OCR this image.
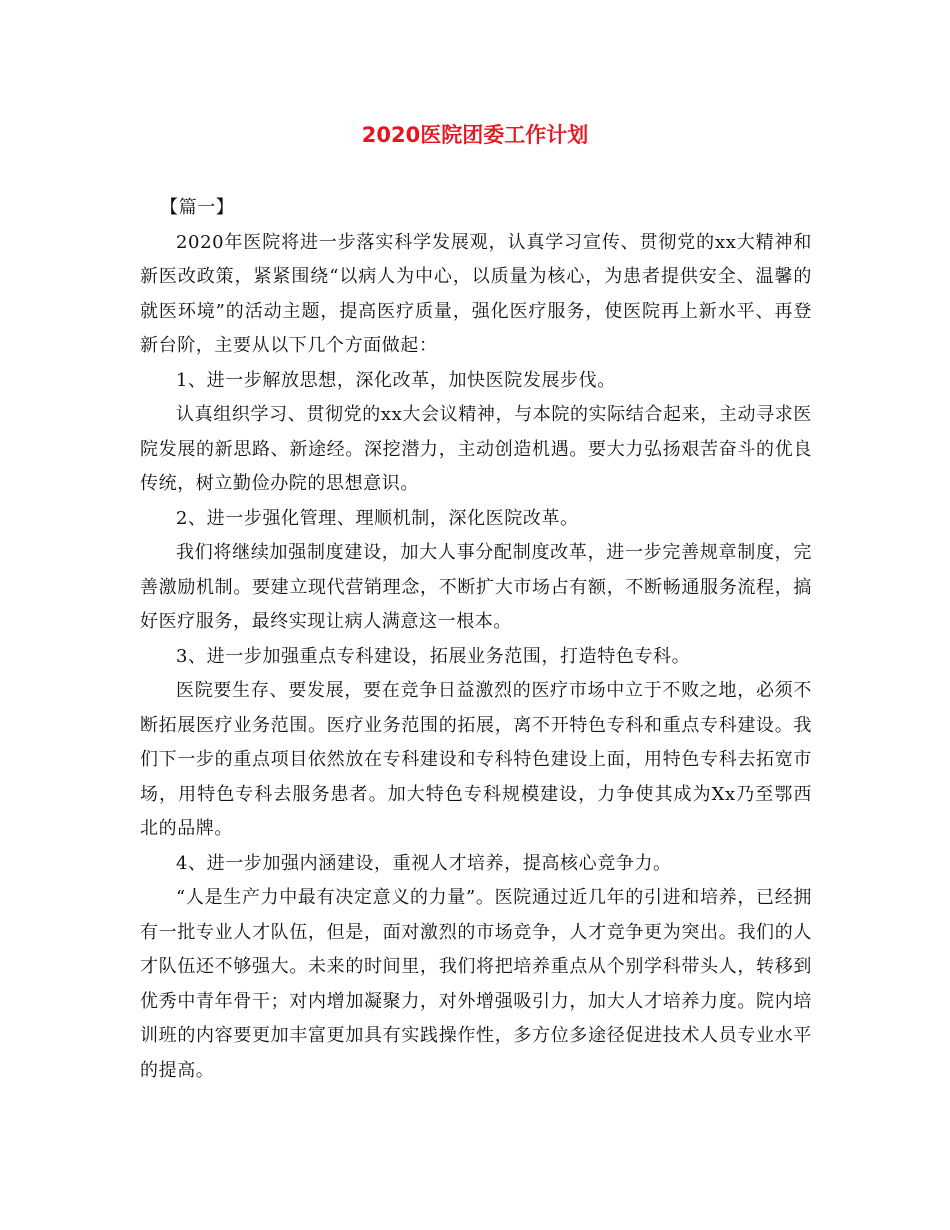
2020医院团委工作计划

【篇一】

2020年医院将进一步落实科学发展观，认真学习宣传、贯彻党的xx大精神和新医改政策，紧紧围绕“以病人为中心，以质量为核心，为患者提供安全、温馨的就医环境”的活动主题，提高医疗质量，强化医疗服务，使医院再上新水平、再登新台阶，主要从以下几个方面做起：

1、进一步解放思想，深化改革，加快医院发展步伐。

认真组织学习、贯彻党的xx大会议精神，与本院的实际结合起来，主动寻求医院发展的新思路、新途经。深挖潜力，主动创造机遇。要大力弘扬艰苦奋斗的优良传统，树立勤俭办院的思想意识。

2、进一步强化管理、理顺机制，深化医院改革。

我们将继续加强制度建设，加大人事分配制度改革，进一步完善规章制度，完善激励机制。要建立现代营销理念，不断扩大市场占有额，不断畅通服务流程，搞好医疗服务，最终实现让病人满意这一根本。

3、进一步加强重点专科建设，拓展业务范围，打造特色专科。

医院要生存、要发展，要在竞争日益激烈的医疗市场中立于不败之地，必须不断拓展医疗业务范围。医疗业务范围的拓展，离不开特色专科和重点专科建设。我们下一步的重点项目依然放在专科建设和专科特色建设上面，用特色专科去拓宽市场，用特色专科去服务患者。加大特色专科规模建设，力争使其成为Xx乃至鄂西北的品牌。

4、进一步加强内涵建设，重视人才培养，提高核心竞争力。

“人是生产力中最有决定意义的力量”。医院通过近几年的引进和培养，已经拥有一批专业人才队伍，但是，面对激烈的市场竞争，人才竞争更为突出。我们的人才队伍还不够强大。未来的时间里，我们将把培养重点从个别学科带头人，转移到优秀中青年骨干；对内增加凝聚力，对外增强吸引力，加大人才培养力度。院内培训班的内容要更加丰富更加具有实践操作性，多方位多途径促进技术人员专业水平的提高。
